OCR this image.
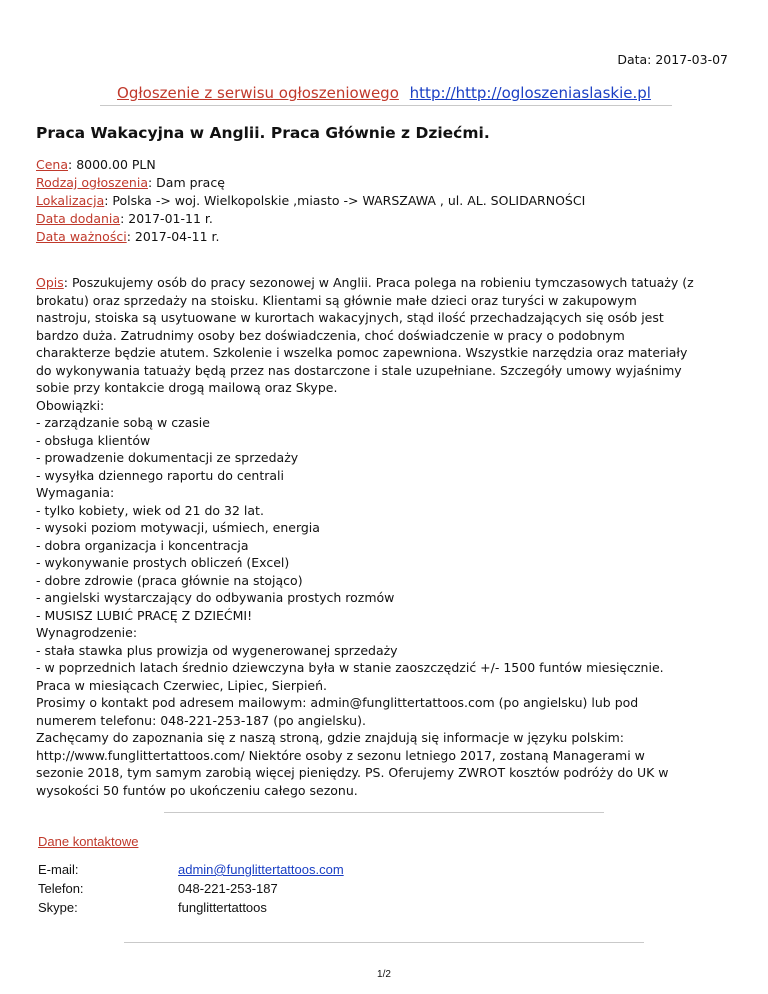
Data: 2017-03-07
Ogłoszenie z serwisu ogłoszeniowego http://http://ogloszeniaslaskie.pl
Praca Wakacyjna w Anglii. Praca Głównie z Dziećmi.
Cena: 8000.00 PLN
Rodzaj ogłoszenia: Dam pracę
Lokalizacja: Polska -> woj. Wielkopolskie ,miasto -> WARSZAWA , ul. AL. SOLIDARNOŚCI
Data dodania: 2017-01-11 r.
Data ważności: 2017-04-11 r.
Opis: Poszukujemy osób do pracy sezonowej w Anglii. Praca polega na robieniu tymczasowych tatuaży (z
brokatu) oraz sprzedaży na stoisku. Klientami są głównie małe dzieci oraz turyści w zakupowym
nastroju, stoiska są usytuowane w kurortach wakacyjnych, stąd ilość przechadzających się osób jest
bardzo duża. Zatrudnimy osoby bez doświadczenia, choć doświadczenie w pracy o podobnym
charakterze będzie atutem. Szkolenie i wszelka pomoc zapewniona. Wszystkie narzędzia oraz materiały
do wykonywania tatuaży będą przez nas dostarczone i stale uzupełniane. Szczegóły umowy wyjaśnimy
sobie przy kontakcie drogą mailową oraz Skype.
Obowiązki:
- zarządzanie sobą w czasie
- obsługa klientów
- prowadzenie dokumentacji ze sprzedaży
- wysyłka dziennego raportu do centrali
Wymagania:
- tylko kobiety, wiek od 21 do 32 lat.
- wysoki poziom motywacji, uśmiech, energia
- dobra organizacja i koncentracja
- wykonywanie prostych obliczeń (Excel)
- dobre zdrowie (praca głównie na stojąco)
- angielski wystarczający do odbywania prostych rozmów
- MUSISZ LUBIĆ PRACĘ Z DZIEĆMI!
Wynagrodzenie:
- stała stawka plus prowizja od wygenerowanej sprzedaży
- w poprzednich latach średnio dziewczyna była w stanie zaoszczędzić +/- 1500 funtów miesięcznie.
Praca w miesiącach Czerwiec, Lipiec, Sierpień.
Prosimy o kontakt pod adresem mailowym: admin@funglittertattoos.com (po angielsku) lub pod
numerem telefonu: 048-221-253-187 (po angielsku).
Zachęcamy do zapoznania się z naszą stroną, gdzie znajdują się informacje w języku polskim:
http://www.funglittertattoos.com/ Niektóre osoby z sezonu letniego 2017, zostaną Managerami w
sezonie 2018, tym samym zarobią więcej pieniędzy. PS. Oferujemy ZWROT kosztów podróży do UK w
wysokości 50 funtów po ukończeniu całego sezonu.
Dane kontaktowe
E-mail:	admin@funglittertattoos.com
Telefon:	048-221-253-187
Skype:	funglittertattoos
1/2
